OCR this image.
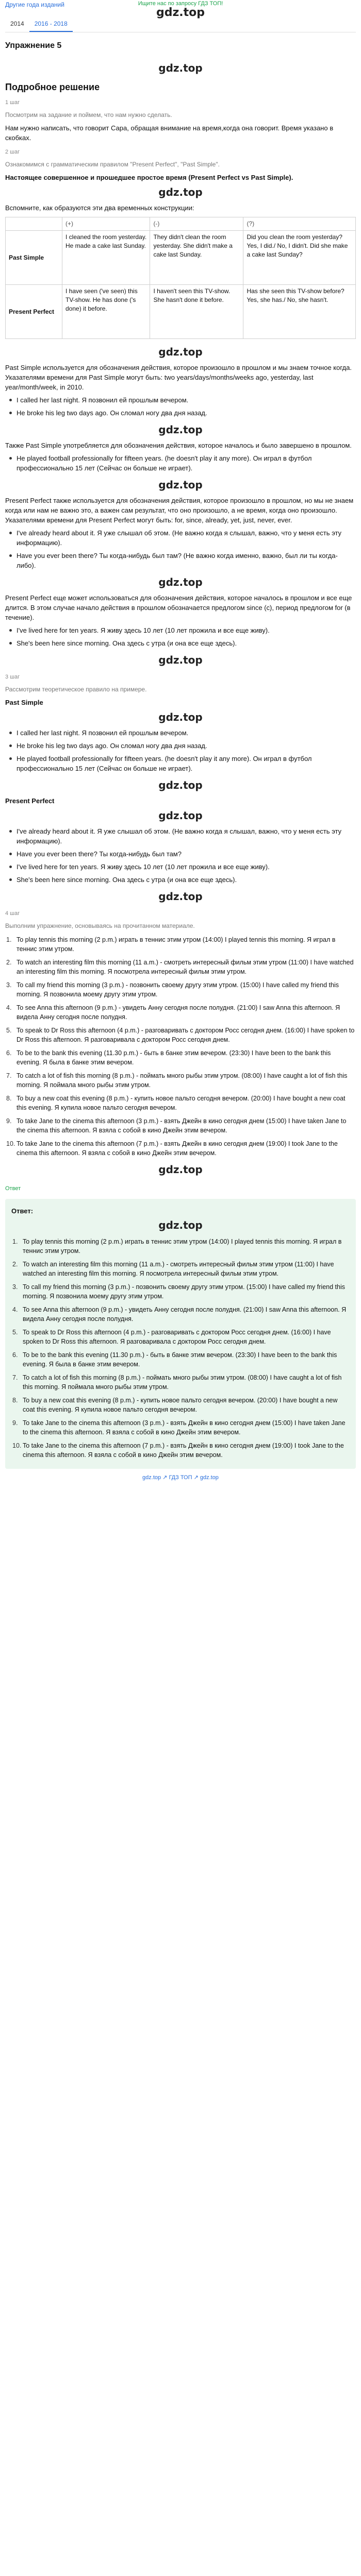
Ищите нас по запросу ГДЗ ТОП!
Другие года изданий
gdz.top
2014	2016 - 2018
Упражнение 5
gdz.top
Подробное решение
1 шаг
Посмотрим на задание и поймем, что нам нужно сделать.

Нам нужно написать, что говорит Сара, обращая внимание на время,когда она говорит. Время указано в скобках.

2 шаг
Ознакомимся с грамматическим правилом "Present Perfect", "Past Simple".

Настоящее совершенное и прошедшее простое время (Present Perfect vs Past Simple).

gdz.top

Вспомните, как образуются эти два временных конструкции:

	(+)	(-)	(?)
Past Simple	I cleaned the room yesterday. He made a cake last Sunday.	They didn't clean the room yesterday. She didn't make a cake last Sunday.	Did you clean the room yesterday? Yes, I did./ No, I didn't. Did she make a cake last Sunday?
Present Perfect	I have seen ('ve seen) this TV-show. He has done ('s done) it before.	I haven't seen this TV-show. She hasn't done it before.	Has she seen this TV-show before? Yes, she has./ No, she hasn't.
gdz.top

Past Simple используется для обозначения действия, которое произошло в прошлом и мы знаем точное когда. Указателями времени для Past Simple могут быть: two years/days/months/weeks ago, yesterday, last year/month/week, in 2010.

I called her last night. Я позвонил ей прошлым вечером.
He broke his leg two days ago. Он сломал ногу два дня назад.
gdz.top

Также Past Simple употребляется для обозначения действия, которое началось и было завершено в прошлом.

He played football professionally for fifteen years. (he doesn't play it any more). Он играл в футбол профессионально 15 лет (Сейчас он больше не играет).
gdz.top

Present Perfect также используется для обозначения действия, которое произошло в прошлом, но мы не знаем когда или нам не важно это, а важен сам результат, что оно произошло, а не время, когда оно произошло. Указателями времени для Present Perfect могут быть: for, since, already, yet, just, never, ever.

I've already heard about it. Я уже слышал об этом. (Не важно когда я слышал, важно, что у меня есть эту информацию).
Have you ever been there? Ты когда-нибудь был там? (Не важно когда именно, важно, был ли ты когда-либо).
gdz.top

Present Perfect еще может использоваться для обозначения действия, которое началось в прошлом и все еще длится. В этом случае начало действия в прошлом обозначается предлогом since (с), период предлогом for (в течение).

I've lived here for ten years. Я живу здесь 10 лет (10 лет прожила и все еще живу).
She's been here since morning. Она здесь с утра (и она все еще здесь).
gdz.top
3 шаг
Рассмотрим теоретическое правило на примере.

Past Simple

gdz.top
I called her last night. Я позвонил ей прошлым вечером.
He broke his leg two days ago. Он сломал ногу два дня назад.
He played football professionally for fifteen years. (he doesn't play it any more). Он играл в футбол профессионально 15 лет (Сейчас он больше не играет).
gdz.top

Present Perfect

gdz.top
I've already heard about it. Я уже слышал об этом. (Не важно когда я слышал, важно, что у меня есть эту информацию).
Have you ever been there? Ты когда-нибудь был там?
I've lived here for ten years. Я живу здесь 10 лет (10 лет прожила и все еще живу).
She's been here since morning. Она здесь с утра (и она все еще здесь).
gdz.top
4 шаг
Выполним упражнение, основываясь на прочитанном материале.
To play tennis this morning (2 p.m.) играть в теннис этим утром (14:00) I played tennis this morning. Я играл в теннис этим утром.
To watch an interesting film this morning (11 a.m.) - смотреть интересный фильм этим утром (11:00) I have watched an interesting film this morning. Я посмотрела интересный фильм этим утром.
To call my friend this morning (3 p.m.) - позвонить своему другу этим утром. (15:00) I have called my friend this morning. Я позвонила моему другу этим утром.
To see Anna this afternoon (9 p.m.) - увидеть Анну сегодня после полудня. (21:00) I saw Anna this afternoon. Я видела Анну сегодня после полудня.
To speak to Dr Ross this afternoon (4 p.m.) - разговаривать с доктором Росс сегодня днем. (16:00) I have spoken to Dr Ross this afternoon. Я разговаривала с доктором Росс сегодня днем.
To be to the bank this evening (11.30 p.m.) - быть в банке этим вечером. (23:30) I have been to the bank this evening. Я была в банке этим вечером.
To catch a lot of fish this morning (8 p.m.) - поймать много рыбы этим утром. (08:00) I have caught a lot of fish this morning. Я поймала много рыбы этим утром.
To buy a new coat this evening (8 p.m.) - купить новое пальто сегодня вечером. (20:00) I have bought a new coat this evening. Я купила новое пальто сегодня вечером.
To take Jane to the cinema this afternoon (3 p.m.) - взять Джейн в кино сегодня днем (15:00) I have taken Jane to the cinema this afternoon. Я взяла с собой в кино Джейн этим вечером.
To take Jane to the cinema this afternoon (7 p.m.) - взять Джейн в кино сегодня днем (19:00) I took Jane to the cinema this afternoon. Я взяла с собой в кино Джейн этим вечером.
gdz.top
Ответ
Ответ:
gdz.top
To play tennis this morning (2 p.m.) играть в теннис этим утром (14:00) I played tennis this morning. Я играл в теннис этим утром.
To watch an interesting film this morning (11 a.m.) - смотреть интересный фильм этим утром (11:00) I have watched an interesting film this morning. Я посмотрела интересный фильм этим утром.
To call my friend this morning (3 p.m.) - позвонить своему другу этим утром. (15:00) I have called my friend this morning. Я позвонила моему другу этим утром.
To see Anna this afternoon (9 p.m.) - увидеть Анну сегодня после полудня. (21:00) I saw Anna this afternoon. Я видела Анну сегодня после полудня.
To speak to Dr Ross this afternoon (4 p.m.) - разговаривать с доктором Росс сегодня днем. (16:00) I have spoken to Dr Ross this afternoon. Я разговаривала с доктором Росс сегодня днем.
To be to the bank this evening (11.30 p.m.) - быть в банке этим вечером. (23:30) I have been to the bank this evening. Я была в банке этим вечером.
To catch a lot of fish this morning (8 p.m.) - поймать много рыбы этим утром. (08:00) I have caught a lot of fish this morning. Я поймала много рыбы этим утром.
To buy a new coat this evening (8 p.m.) - купить новое пальто сегодня вечером. (20:00) I have bought a new coat this evening. Я купила новое пальто сегодня вечером.
To take Jane to the cinema this afternoon (3 p.m.) - взять Джейн в кино сегодня днем (15:00) I have taken Jane to the cinema this afternoon. Я взяла с собой в кино Джейн этим вечером.
To take Jane to the cinema this afternoon (7 p.m.) - взять Джейн в кино сегодня днем (19:00) I took Jane to the cinema this afternoon. Я взяла с собой в кино Джейн этим вечером.
gdz.top ↗ ГДЗ ТОП ↗ gdz.top
